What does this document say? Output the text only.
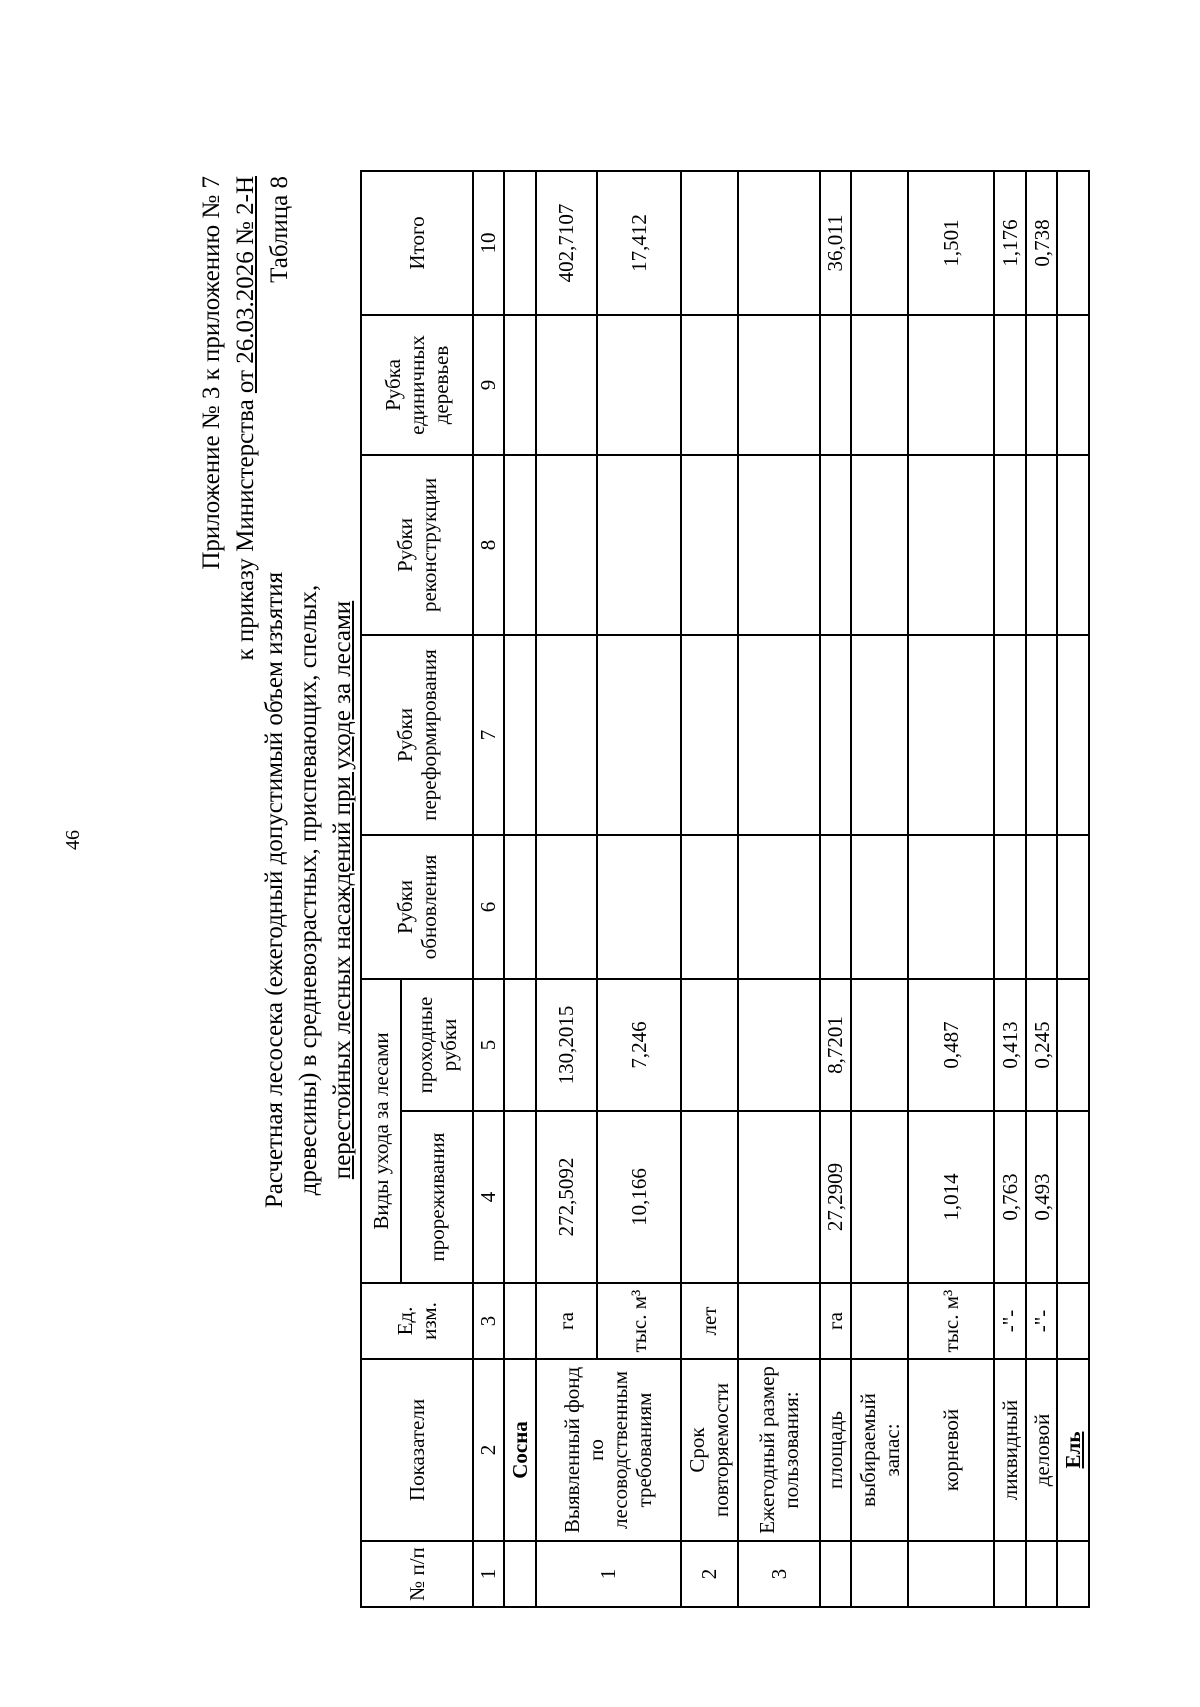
46
Приложение № 3 к приложению № 7 к приказу Министерства от 26.03.2026 № 2-Н Таблица 8
Расчетная лесосека (ежегодный допустимый объем изъятия древесины) в средневозрастных, приспевающих, спелых, перестойных лесных насаждений при уходе за лесами
№ п/п	Показатели	Ед. изм.	Виды ухода за лесами		Рубки обновления	Рубки переформирования	Рубки реконструкции	Рубка единичных деревьев	Итого
			прореживания	проходные рубки					
1	2	3	4	5	6	7	8	9	10
	Сосна								
1	Выявленный фонд по лесоводственным требованиям	га	272,5092	130,2015					402,7107
		тыс. м³	10,166	7,246					17,412
2	Срок повторяемости	лет							
3	Ежегодный размер пользования:								
	площадь	га	27,2909	8,7201					36,011
	выбираемый запас:								
	корневой	тыс. м³	1,014	0,487					1,501
	ликвидный	-"-	0,763	0,413					1,176
	деловой	-"-	0,493	0,245					0,738
	Ель								
